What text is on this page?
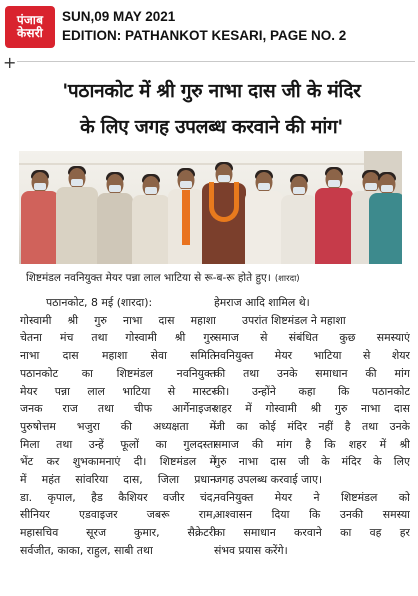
पंजाब
केसरी
SUN,09 MAY 2021
EDITION: PATHANKOT KESARI, PAGE NO. 2
+
'पठानकोट में श्री गुरु नाभा दास जी के मंदिर
के लिए जगह उपलब्ध करवाने की मांग'
शिष्टमंडल नवनियुक्त मेयर पन्ना लाल भाटिया से रू-ब-रू होते हुए। (शारदा)
पठानकोट, 8 मई (शारदा):
गोस्वामी श्री गुरु नाभा दास महाशा
चेतना मंच तथा गोस्वामी श्री गुरु
नाभा दास महाशा सेवा समिति
पठानकोट का शिष्टमंडल नवनियुक्त
मेयर पन्ना लाल भाटिया से मास्टर
जनक राज तथा चीफ आर्गेनाइजर
पुरुषोत्तम भजुरा की अध्यक्षता में
मिला तथा उन्हें फूलों का गुलदस्ता
भेंट कर शुभकामनाएं दी। शिष्टमंडल में
में महंत सांवरिया दास, जिला प्रधान
डा. कृपाल, हैड कैशियर वजीर चंद,
सीनियर एडवाइजर जबरू राम,
महासचिव सूरज कुमार, सैक्रेटरी
सर्वजीत, काका, राहुल, साबी तथा
हेमराज आदि शामिल थे।
उपरांत शिष्टमंडल ने महाशा
समाज से संबंधित कुछ समस्याएं
नवनियुक्त मेयर भाटिया से शेयर
की तथा उनके समाधान की मांग
की। उन्होंने कहा कि पठानकोट
शहर में गोस्वामी श्री गुरु नाभा दास
जी का कोई मंदिर नहीं है तथा उनके
समाज की मांग है कि शहर में श्री
गुरु नाभा दास जी के मंदिर के लिए
जगह उपलब्ध करवाई जाए।
नवनियुक्त मेयर ने शिष्टमंडल को
आश्वासन दिया कि उनकी समस्या
का समाधान करवाने का वह हर
संभव प्रयास करेंगे।
